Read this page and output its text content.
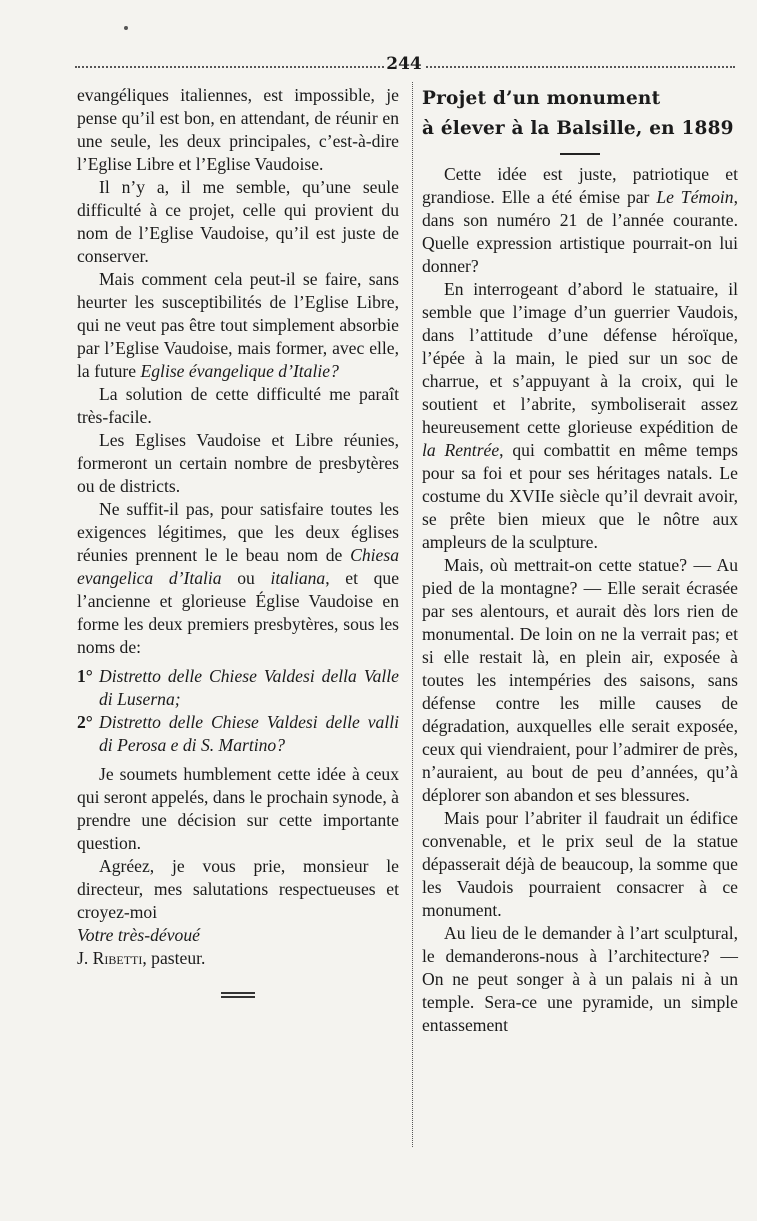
244

evangéliques italiennes, est impossible, je pense qu’il est bon, en attendant, de réunir en une seule, les deux principales, c’est-à-dire l’Eglise Libre et l’Eglise Vaudoise.

Il n’y a, il me semble, qu’une seule difficulté à ce projet, celle qui provient du nom de l’Eglise Vaudoise, qu’il est juste de conserver.

Mais comment cela peut-il se faire, sans heurter les susceptibilités de l’Eglise Libre, qui ne veut pas être tout simplement absorbie par l’Eglise Vaudoise, mais former, avec elle, la future Eglise évangelique d’Italie?

La solution de cette difficulté me paraît très-facile.

Les Eglises Vaudoise et Libre réunies, formeront un certain nombre de presbytères ou de districts.

Ne suffit-il pas, pour satisfaire toutes les exigences légitimes, que les deux églises réunies prennent le le beau nom de Chiesa evangelica d’Italia ou italiana, et que l’ancienne et glorieuse Église Vaudoise en forme les deux premiers presbytères, sous les noms de:

1° Distretto delle Chiese Valdesi della Valle di Luserna;
2° Distretto delle Chiese Valdesi delle valli di Perosa e di S. Martino?

Je soumets humblement cette idée à ceux qui seront appelés, dans le prochain synode, à prendre une décision sur cette importante question.

Agréez, je vous prie, monsieur le directeur, mes salutations respectueuses et croyez-moi

Votre très-dévoué

J. Ribetti, pasteur.

Projet d’un monument

à élever à la Balsille, en 1889

Cette idée est juste, patriotique et grandiose. Elle a été émise par Le Témoin, dans son numéro 21 de l’année courante. Quelle expression artistique pourrait-on lui donner?

En interrogeant d’abord le statuaire, il semble que l’image d’un guerrier Vaudois, dans l’attitude d’une défense héroïque, l’épée à la main, le pied sur un soc de charrue, et s’appuyant à la croix, qui le soutient et l’abrite, symboliserait assez heureusement cette glorieuse expédition de la Rentrée, qui combattit en même temps pour sa foi et pour ses héritages natals. Le costume du XVIIe siècle qu’il devrait avoir, se prête bien mieux que le nôtre aux ampleurs de la sculpture.

Mais, où mettrait-on cette statue? — Au pied de la montagne? — Elle serait écrasée par ses alentours, et aurait dès lors rien de monumental. De loin on ne la verrait pas; et si elle restait là, en plein air, exposée à toutes les intempéries des saisons, sans défense contre les mille causes de dégradation, auxquelles elle serait exposée, ceux qui viendraient, pour l’admirer de près, n’auraient, au bout de peu d’années, qu’à déplorer son abandon et ses blessures.

Mais pour l’abriter il faudrait un édifice convenable, et le prix seul de la statue dépasserait déjà de beaucoup, la somme que les Vaudois pourraient consacrer à ce monument.

Au lieu de le demander à l’art sculptural, le demanderons-nous à l’architecture? — On ne peut songer à à un palais ni à un temple. Sera-ce une pyramide, un simple entassement
